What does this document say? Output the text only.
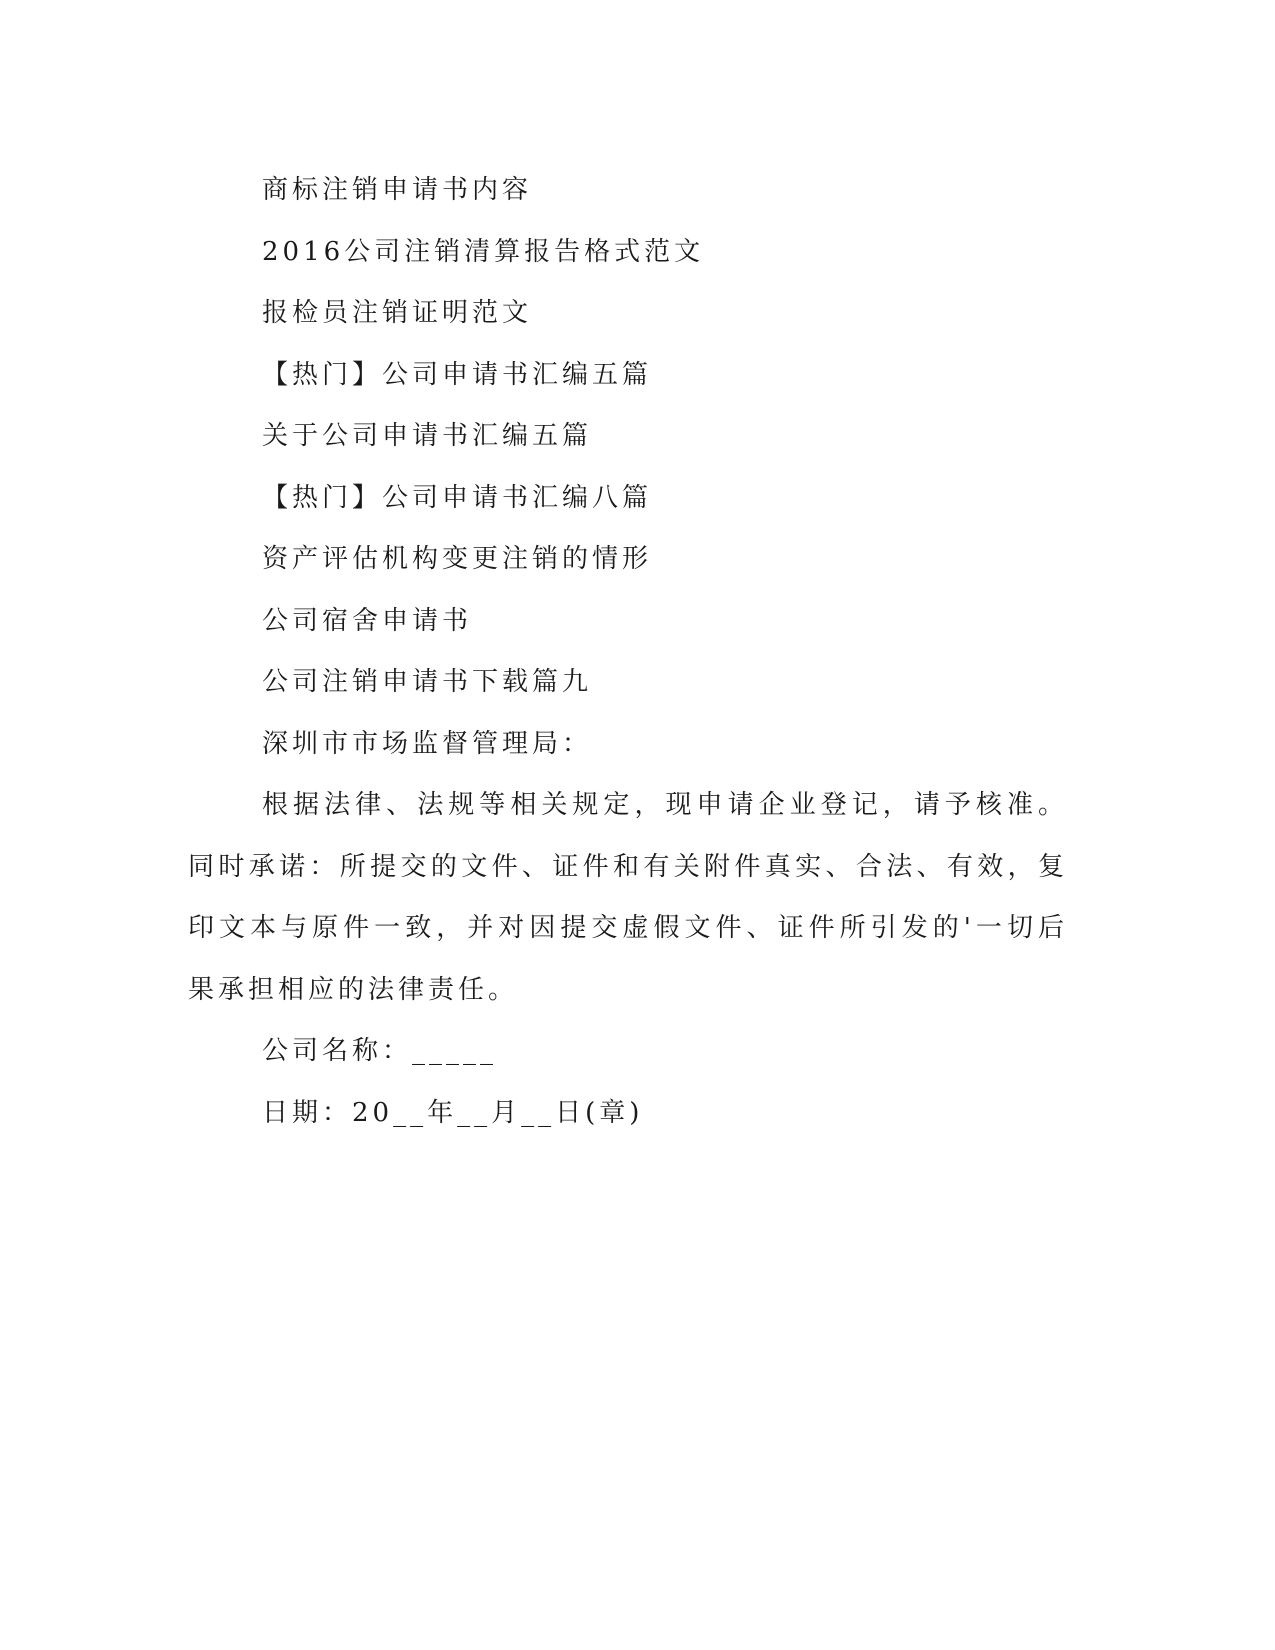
商标注销申请书内容
2016公司注销清算报告格式范文
报检员注销证明范文
【热门】公司申请书汇编五篇
关于公司申请书汇编五篇
【热门】公司申请书汇编八篇
资产评估机构变更注销的情形
公司宿舍申请书
公司注销申请书下载篇九
深圳市市场监督管理局：

根据法律、法规等相关规定，现申请企业登记，请予核准。同时承诺：所提交的文件、证件和有关附件真实、合法、有效，复印文本与原件一致，并对因提交虚假文件、证件所引发的'一切后果承担相应的法律责任。

公司名称：_____
日期：20__年__月__日(章)
